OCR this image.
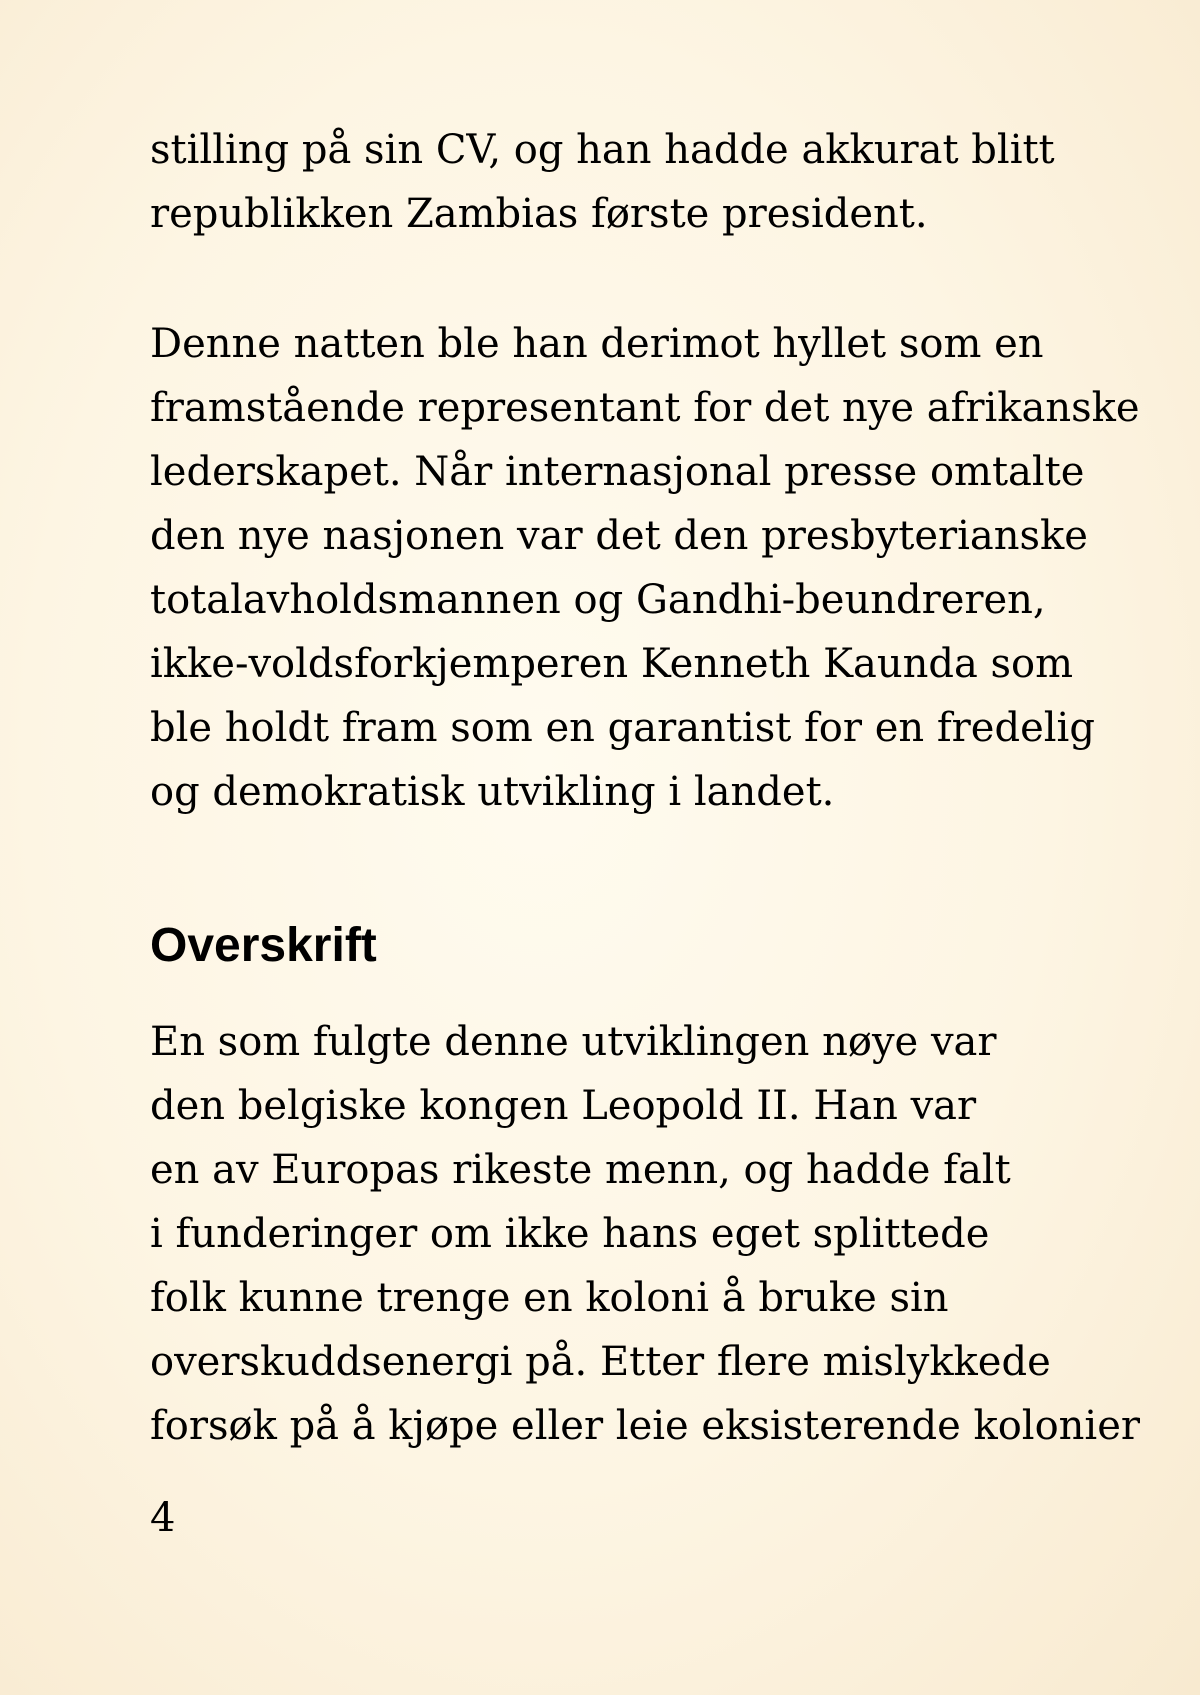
stilling på sin CV, og han hadde akkurat blitt
republikken Zambias første president.
Denne natten ble han derimot hyllet som en
framstående representant for det nye afrikanske
lederskapet. Når internasjonal presse omtalte
den nye nasjonen var det den presbyterianske
totalavholdsmannen og Gandhi-beundreren,
ikke-voldsforkjemperen Kenneth Kaunda som
ble holdt fram som en garantist for en fredelig
og demokratisk utvikling i landet.
Overskrift
En som fulgte denne utviklingen nøye var
den belgiske kongen Leopold II. Han var
en av Europas rikeste menn, og hadde falt
i funderinger om ikke hans eget splittede
folk kunne trenge en koloni å bruke sin
overskuddsenergi på. Etter flere mislykkede
forsøk på å kjøpe eller leie eksisterende kolonier
4
